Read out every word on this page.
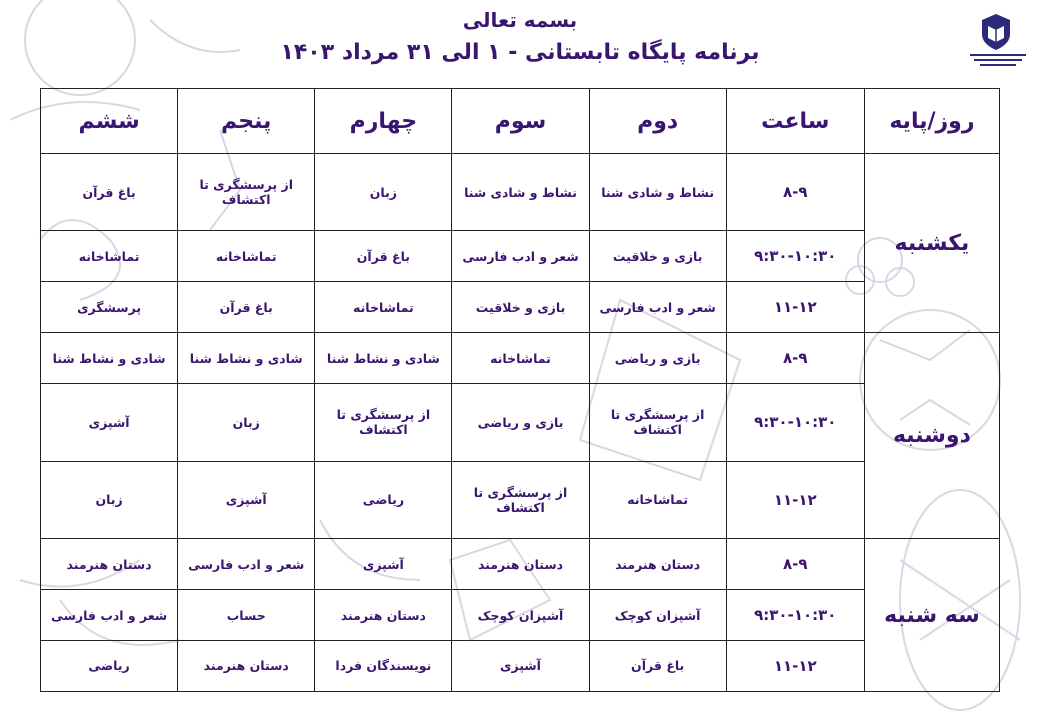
بسمه تعالی

برنامه پایگاه تابستانی - ۱ الی ۳۱ مرداد ۱۴۰۳

روز/پایه	ساعت	دوم	سوم	چهارم	پنجم	ششم
یکشنبه	۸-۹	نشاط و شادی شنا	نشاط و شادی شنا	زبان	از پرسشگری تا اکتشاف	باغ قرآن
	۹:۳۰-۱۰:۳۰	بازی و خلاقیت	شعر و ادب فارسی	باغ قرآن	تماشاخانه	تماشاخانه
	۱۱-۱۲	شعر و ادب فارسی	بازی و خلاقیت	تماشاخانه	باغ قرآن	پرسشگری
دوشنبه	۸-۹	بازی و ریاضی	تماشاخانه	شادی و نشاط شنا	شادی و نشاط شنا	شادی و نشاط شنا
	۹:۳۰-۱۰:۳۰	از پرسشگری تا اکتشاف	بازی و ریاضی	از پرسشگری تا اکتشاف	زبان	آشپزی
	۱۱-۱۲	تماشاخانه	از پرسشگری تا اکتشاف	ریاضی	آشپزی	زبان
سه شنبه	۸-۹	دستان هنرمند	دستان هنرمند	آشپزی	شعر و ادب فارسی	دستان هنرمند
	۹:۳۰-۱۰:۳۰	آشپزان کوچک	آشپزان کوچک	دستان هنرمند	حساب	شعر و ادب فارسی
	۱۱-۱۲	باغ قرآن	آشپزی	نویسندگان فردا	دستان هنرمند	ریاضی
